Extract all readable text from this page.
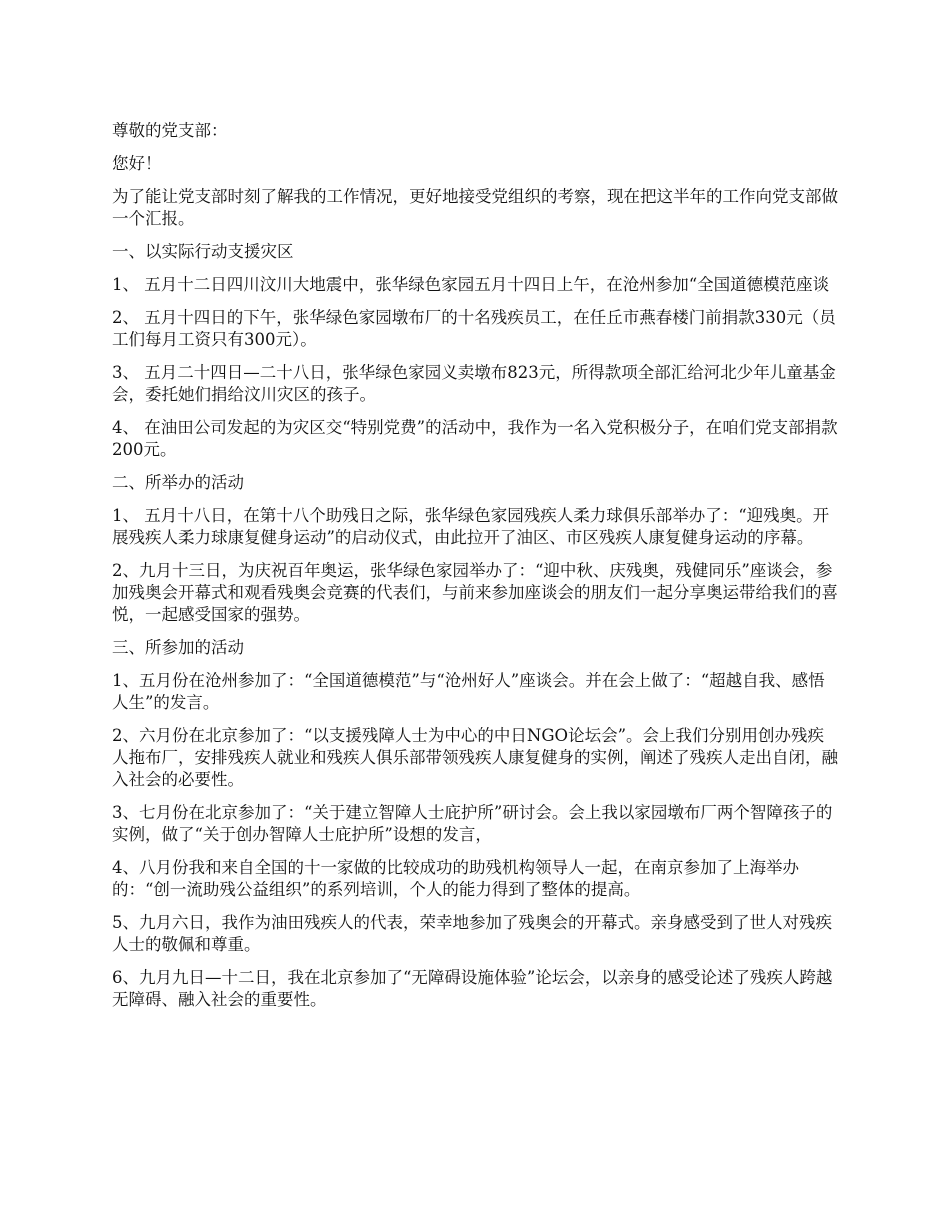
尊敬的党支部：

您好！

为了能让党支部时刻了解我的工作情况，更好地接受党组织的考察，现在把这半年的工作向党支部做一个汇报。

一、以实际行动支援灾区

1、 五月十二日四川汶川大地震中，张华绿色家园五月十四日上午，在沧州参加“全国道德模范座谈

2、 五月十四日的下午，张华绿色家园墩布厂的十名残疾员工，在任丘市燕春楼门前捐款330元（员工们每月工资只有300元）。

3、 五月二十四日—二十八日，张华绿色家园义卖墩布823元，所得款项全部汇给河北少年儿童基金会，委托她们捐给汶川灾区的孩子。

4、 在油田公司发起的为灾区交“特别党费”的活动中，我作为一名入党积极分子，在咱们党支部捐款200元。

二、所举办的活动

1、 五月十八日，在第十八个助残日之际，张华绿色家园残疾人柔力球俱乐部举办了：“迎残奥。开展残疾人柔力球康复健身运动”的启动仪式，由此拉开了油区、市区残疾人康复健身运动的序幕。

2、九月十三日，为庆祝百年奥运，张华绿色家园举办了：“迎中秋、庆残奥，残健同乐”座谈会，参加残奥会开幕式和观看残奥会竞赛的代表们，与前来参加座谈会的朋友们一起分享奥运带给我们的喜悦，一起感受国家的强势。

三、所参加的活动

1、五月份在沧州参加了：“全国道德模范”与“沧州好人”座谈会。并在会上做了：“超越自我、感悟人生”的发言。

2、六月份在北京参加了：“以支援残障人士为中心的中日NGO论坛会”。会上我们分别用创办残疾人拖布厂，安排残疾人就业和残疾人俱乐部带领残疾人康复健身的实例，阐述了残疾人走出自闭，融入社会的必要性。

3、七月份在北京参加了：“关于建立智障人士庇护所”研讨会。会上我以家园墩布厂两个智障孩子的实例，做了“关于创办智障人士庇护所”设想的发言，

4、八月份我和来自全国的十一家做的比较成功的助残机构领导人一起，在南京参加了上海举办的：“创一流助残公益组织”的系列培训，个人的能力得到了整体的提高。

5、九月六日，我作为油田残疾人的代表，荣幸地参加了残奥会的开幕式。亲身感受到了世人对残疾人士的敬佩和尊重。

6、九月九日—十二日，我在北京参加了“无障碍设施体验”论坛会，以亲身的感受论述了残疾人跨越无障碍、融入社会的重要性。
